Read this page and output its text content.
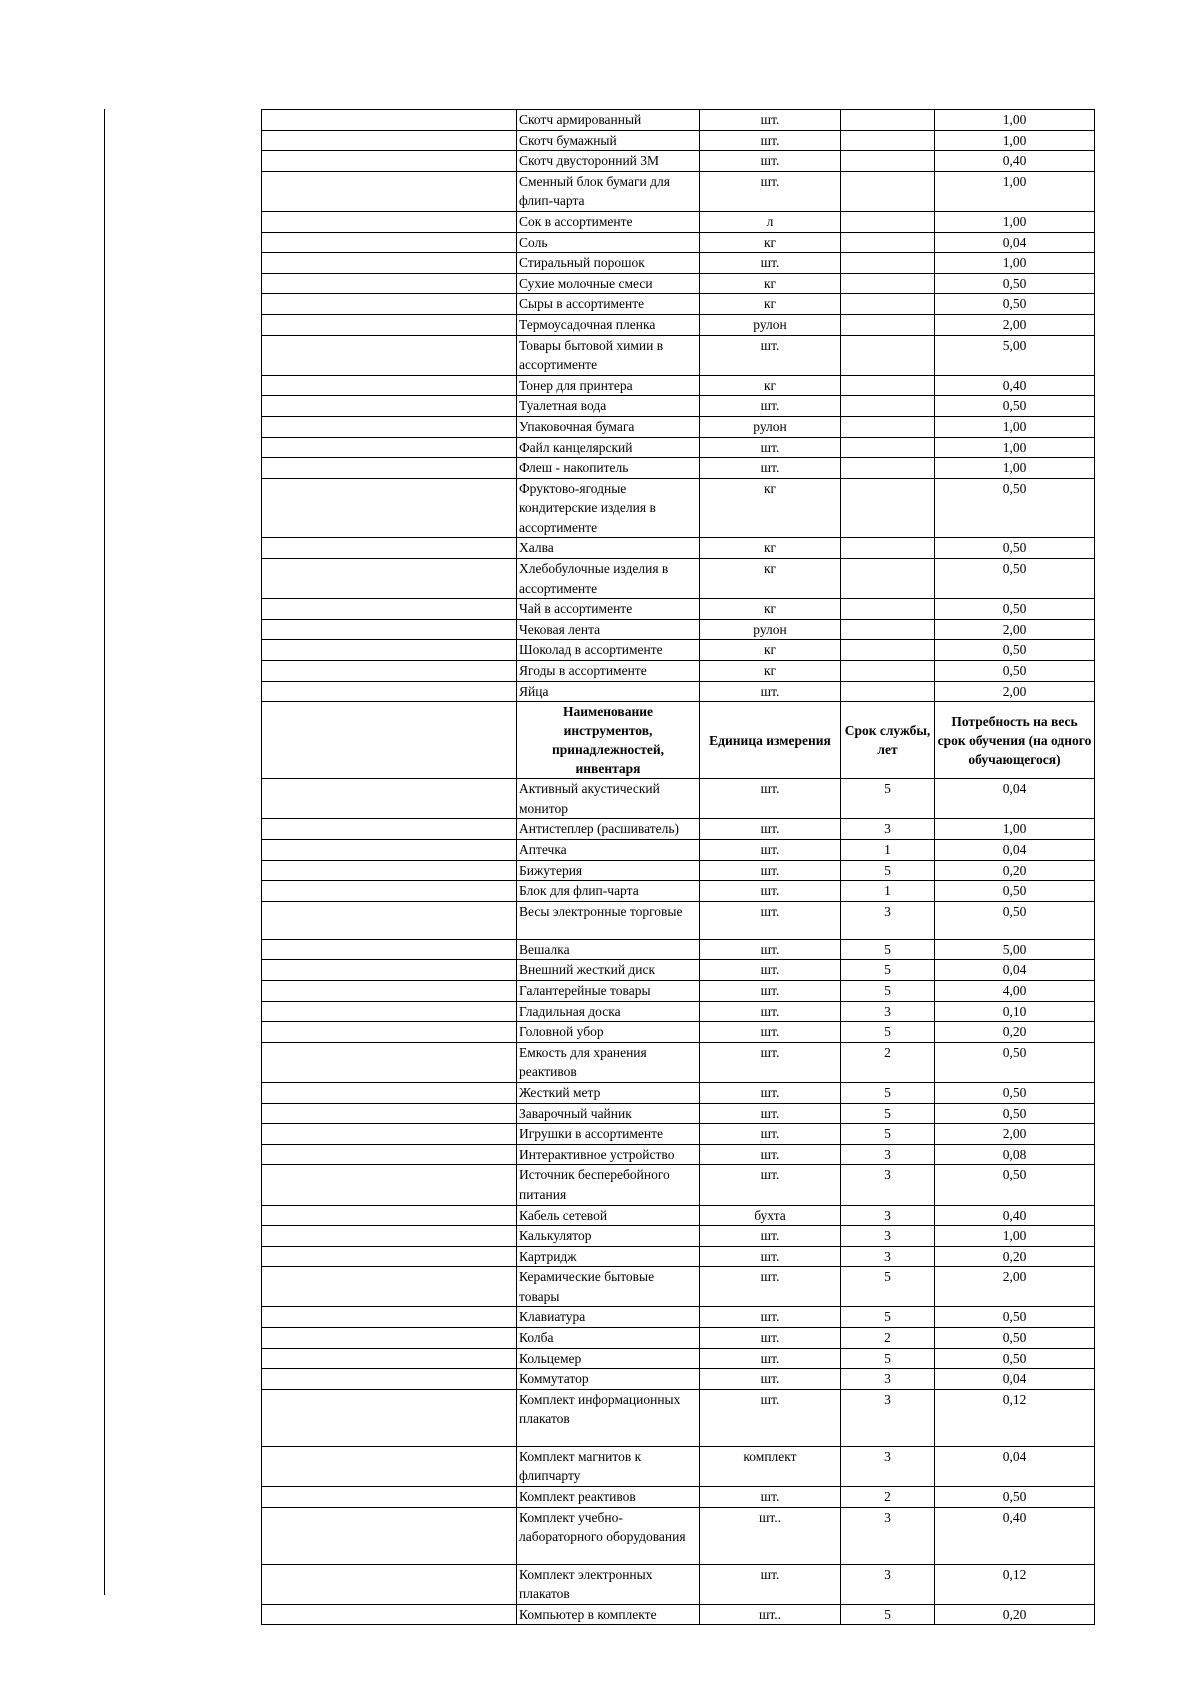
	Скотч армированный	шт.		1,00
	Скотч бумажный	шт.		1,00
	Скотч двусторонний 3М	шт.		0,40
	Сменный блок бумаги для флип-чарта	шт.		1,00
	Сок в ассортименте	л		1,00
	Соль	кг		0,04
	Стиральный порошок	шт.		1,00
	Сухие молочные смеси	кг		0,50
	Сыры в ассортименте	кг		0,50
	Термоусадочная пленка	рулон		2,00
	Товары бытовой химии в ассортименте	шт.		5,00
	Тонер для принтера	кг		0,40
	Туалетная вода	шт.		0,50
	Упаковочная бумага	рулон		1,00
	Файл канцелярский	шт.		1,00
	Флеш - накопитель	шт.		1,00
	Фруктово-ягодные кондитерские изделия в ассортименте	кг		0,50
	Халва	кг		0,50
	Хлебобулочные изделия в ассортименте	кг		0,50
	Чай в ассортименте	кг		0,50
	Чековая лента	рулон		2,00
	Шоколад в ассортименте	кг		0,50
	Ягоды в ассортименте	кг		0,50
	Яйца	шт.		2,00
	Наименование инструментов, принадлежностей, инвентаря	Единица измерения	Срок службы, лет	Потребность на весь срок обучения (на одного обучающегося)
	Активный акустический монитор	шт.	5	0,04
	Антистеплер (расшиватель)	шт.	3	1,00
	Аптечка	шт.	1	0,04
	Бижутерия	шт.	5	0,20
	Блок для флип-чарта	шт.	1	0,50
	Весы электронные торговые	шт.	3	0,50
	Вешалка	шт.	5	5,00
	Внешний жесткий диск	шт.	5	0,04
	Галантерейные товары	шт.	5	4,00
	Гладильная доска	шт.	3	0,10
	Головной убор	шт.	5	0,20
	Емкость для хранения реактивов	шт.	2	0,50
	Жесткий метр	шт.	5	0,50
	Заварочный чайник	шт.	5	0,50
	Игрушки в ассортименте	шт.	5	2,00
	Интерактивное устройство	шт.	3	0,08
	Источник бесперебойного питания	шт.	3	0,50
	Кабель сетевой	бухта	3	0,40
	Калькулятор	шт.	3	1,00
	Картридж	шт.	3	0,20
	Керамические бытовые товары	шт.	5	2,00
	Клавиатура	шт.	5	0,50
	Колба	шт.	2	0,50
	Кольцемер	шт.	5	0,50
	Коммутатор	шт.	3	0,04
	Комплект информационных плакатов	шт.	3	0,12
	Комплект магнитов к флипчарту	комплект	3	0,04
	Комплект реактивов	шт.	2	0,50
	Комплект учебно-лабораторного оборудования	шт..	3	0,40
	Комплект электронных плакатов	шт.	3	0,12
	Компьютер в комплекте	шт..	5	0,20
